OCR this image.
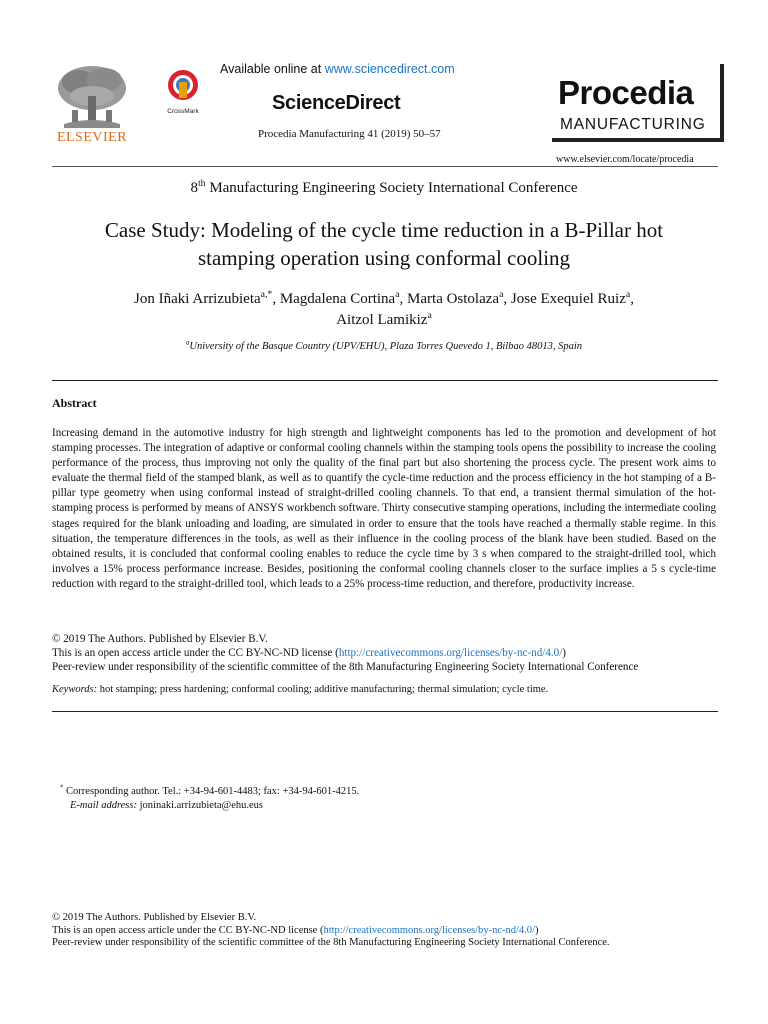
ELSEVIER
CrossMark
Available online at www.sciencedirect.com
ScienceDirect
Procedia Manufacturing 41 (2019) 50–57
Procedia
MANUFACTURING
www.elsevier.com/locate/procedia
8th Manufacturing Engineering Society International Conference
Case Study: Modeling of the cycle time reduction in a B-Pillar hot
stamping operation using conformal cooling
Jon Iñaki Arrizubieta$^{a,*}$, Magdalena Cortina$^a$, Marta Ostolaza$^a$, Jose Exequiel Ruiz$^a$,
Aitzol Lamikiz$^a$
$^a$University of the Basque Country (UPV/EHU), Plaza Torres Quevedo 1, Bilbao 48013, Spain
Abstract
Increasing demand in the automotive industry for high strength and lightweight components has led to the promotion and development of hot stamping processes. The integration of adaptive or conformal cooling channels within the stamping tools opens the possibility to increase the cooling performance of the process, thus improving not only the quality of the final part but also shortening the process cycle. The present work aims to evaluate the thermal field of the stamped blank, as well as to quantify the cycle-time reduction and the process efficiency in the hot stamping of a B-pillar type geometry when using conformal instead of straight-drilled cooling channels. To that end, a transient thermal simulation of the hot-stamping process is performed by means of ANSYS workbench software. Thirty consecutive stamping operations, including the intermediate cooling stages required for the blank unloading and loading, are simulated in order to ensure that the tools have reached a thermally stable regime. In this situation, the temperature differences in the tools, as well as their influence in the cooling process of the blank have been studied. Based on the obtained results, it is concluded that conformal cooling enables to reduce the cycle time by 3 s when compared to the straight-drilled tool, which involves a 15% process performance increase. Besides, positioning the conformal cooling channels closer to the surface implies a 5 s cycle-time reduction with regard to the straight-drilled tool, which leads to a 25% process-time reduction, and therefore, productivity increase.
© 2019 The Authors. Published by Elsevier B.V.
This is an open access article under the CC BY-NC-ND license (http://creativecommons.org/licenses/by-nc-nd/4.0/)
Peer-review under responsibility of the scientific committee of the 8th Manufacturing Engineering Society International Conference
Keywords: hot stamping; press hardening; conformal cooling; additive manufacturing; thermal simulation; cycle time.
* Corresponding author. Tel.: +34-94-601-4483; fax: +34-94-601-4215.
E-mail address: joninaki.arrizubieta@ehu.eus
© 2019 The Authors. Published by Elsevier B.V.
This is an open access article under the CC BY-NC-ND license (http://creativecommons.org/licenses/by-nc-nd/4.0/)
Peer-review under responsibility of the scientific committee of the 8th Manufacturing Engineering Society International Conference.
